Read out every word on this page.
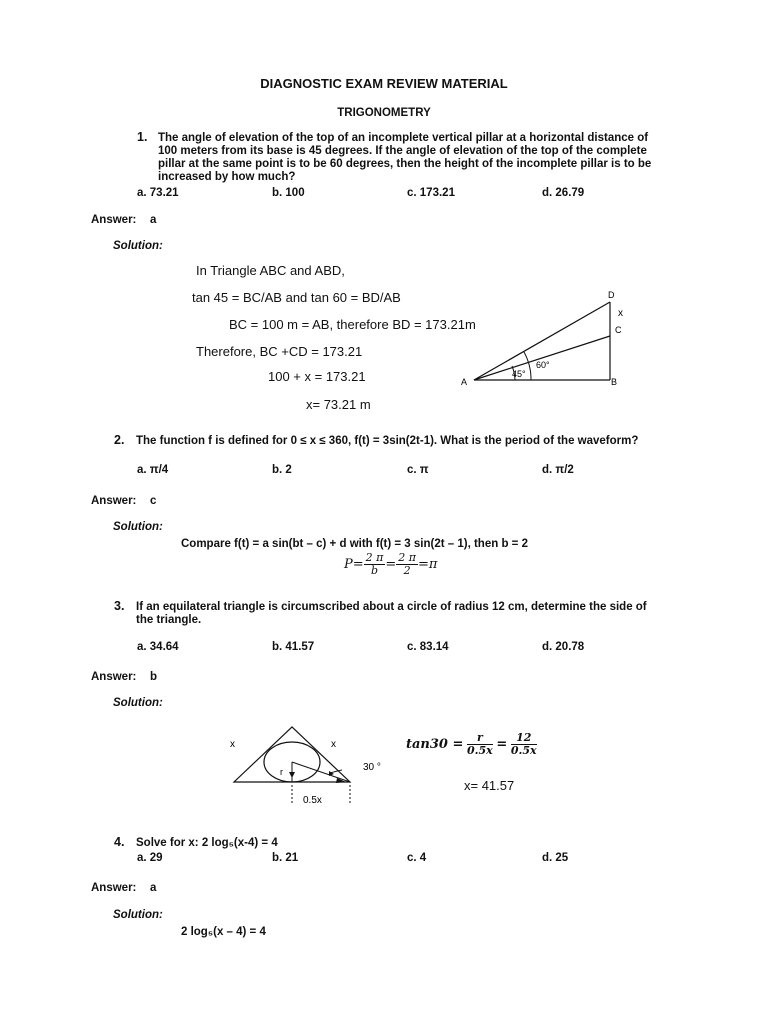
DIAGNOSTIC EXAM REVIEW MATERIAL
TRIGONOMETRY
1. The angle of elevation of the top of an incomplete vertical pillar at a horizontal distance of
100 meters from its base is 45 degrees. If the angle of elevation of the top of the complete
pillar at the same point is to be 60 degrees, then the height of the incomplete pillar is to be
increased by how much?
a. 73.21	b. 100	c. 173.21	d. 26.79
Answer: a
Solution:
In Triangle ABC and ABD,
tan 45 = BC/AB and tan 60 = BD/AB
BC = 100 m = AB, therefore BD = 173.21m
Therefore, BC +CD = 173.21
100 + x = 173.21
x= 73.21 m
A	B
C
D
x
45°
60°
2. The function f is defined for 0 ≤ x ≤ 360, f(t) = 3sin(2t-1). What is the period of the waveform?
a. π/4	b. 2	c. π	d. π/2
Answer: c
Solution:
Compare f(t) = a sin(bt – c) + d with f(t) = 3 sin(2t – 1), then b = 2
$P= \frac{2 \pi}{b} = \frac{2 \pi}{2} =\pi$
3. If an equilateral triangle is circumscribed about a circle of radius 12 cm, determine the side of
the triangle.
a. 34.64	b. 41.57	c. 83.14	d. 20.78
Answer: b
Solution:
x	x
r	30 °
0.5x
$\tan 30 = \frac{r}{0.5x} = \frac{12}{0.5x}$
x= 41.57
4. Solve for x: 2 log₅(x-4) = 4
a. 29	b. 21	c. 4	d. 25
Answer: a
Solution:
2 log₅(x – 4) = 4
